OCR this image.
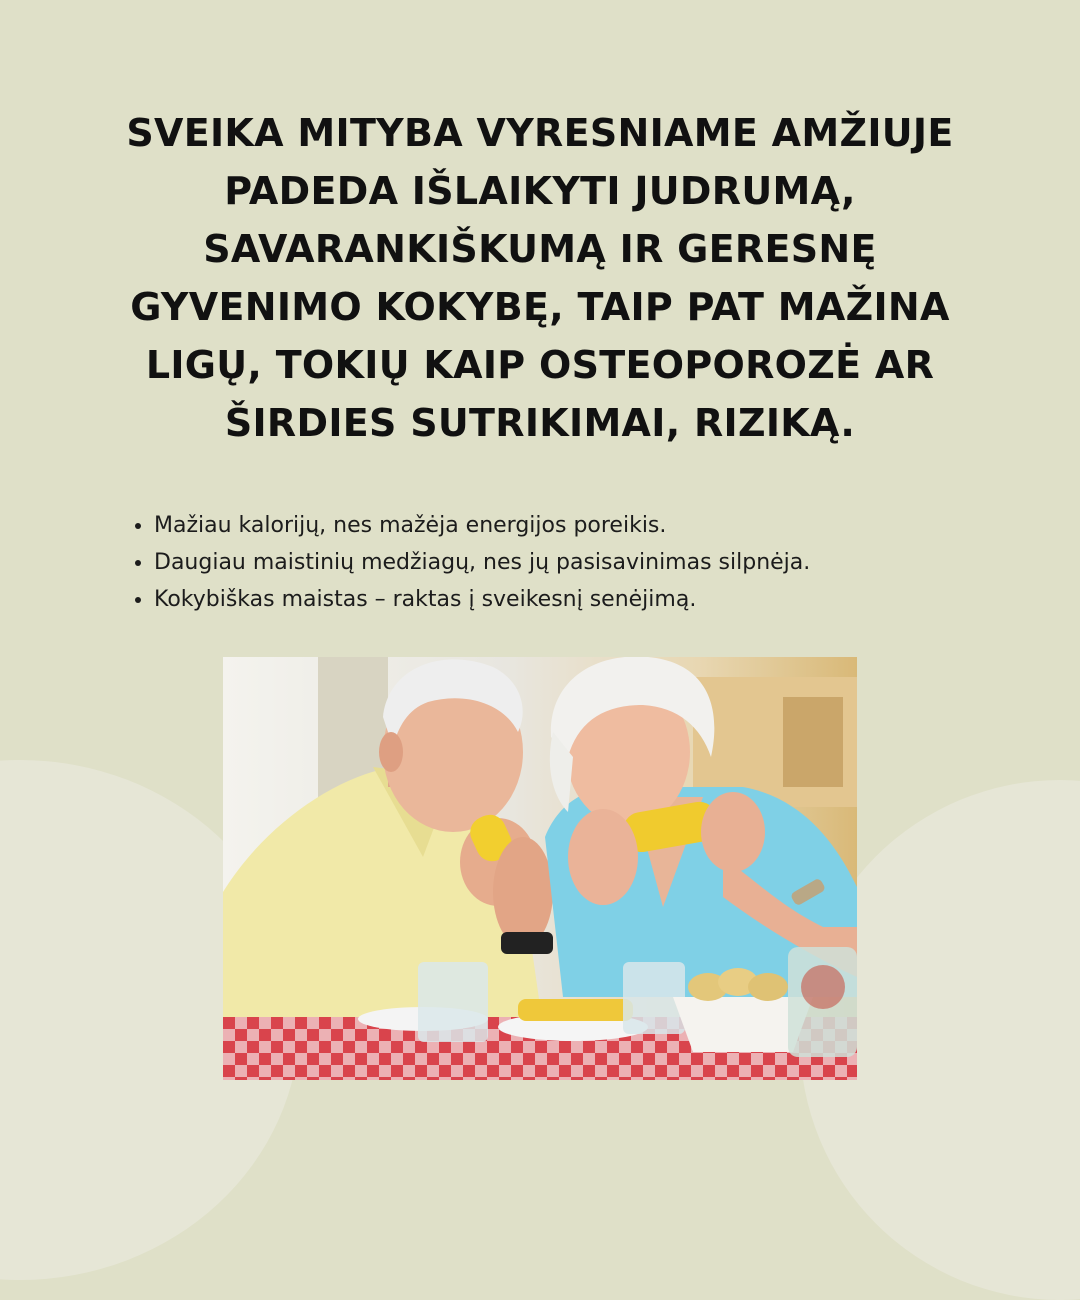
SVEIKA MITYBA VYRESNIAME AMŽIUJE
PADEDA IŠLAIKYTI JUDRUMĄ,
SAVARANKIŠKUMĄ IR GERESNĘ
GYVENIMO KOKYBĘ, TAIP PAT MAŽINA
LIGŲ, TOKIŲ KAIP OSTEOPOROZĖ AR
ŠIRDIES SUTRIKIMAI, RIZIKĄ.
• Mažiau kalorijų, nes mažėja energijos poreikis.
• Daugiau maistinių medžiagų, nes jų pasisavinimas silpnėja.
• Kokybiškas maistas – raktas į sveikesnį senėjimą.
